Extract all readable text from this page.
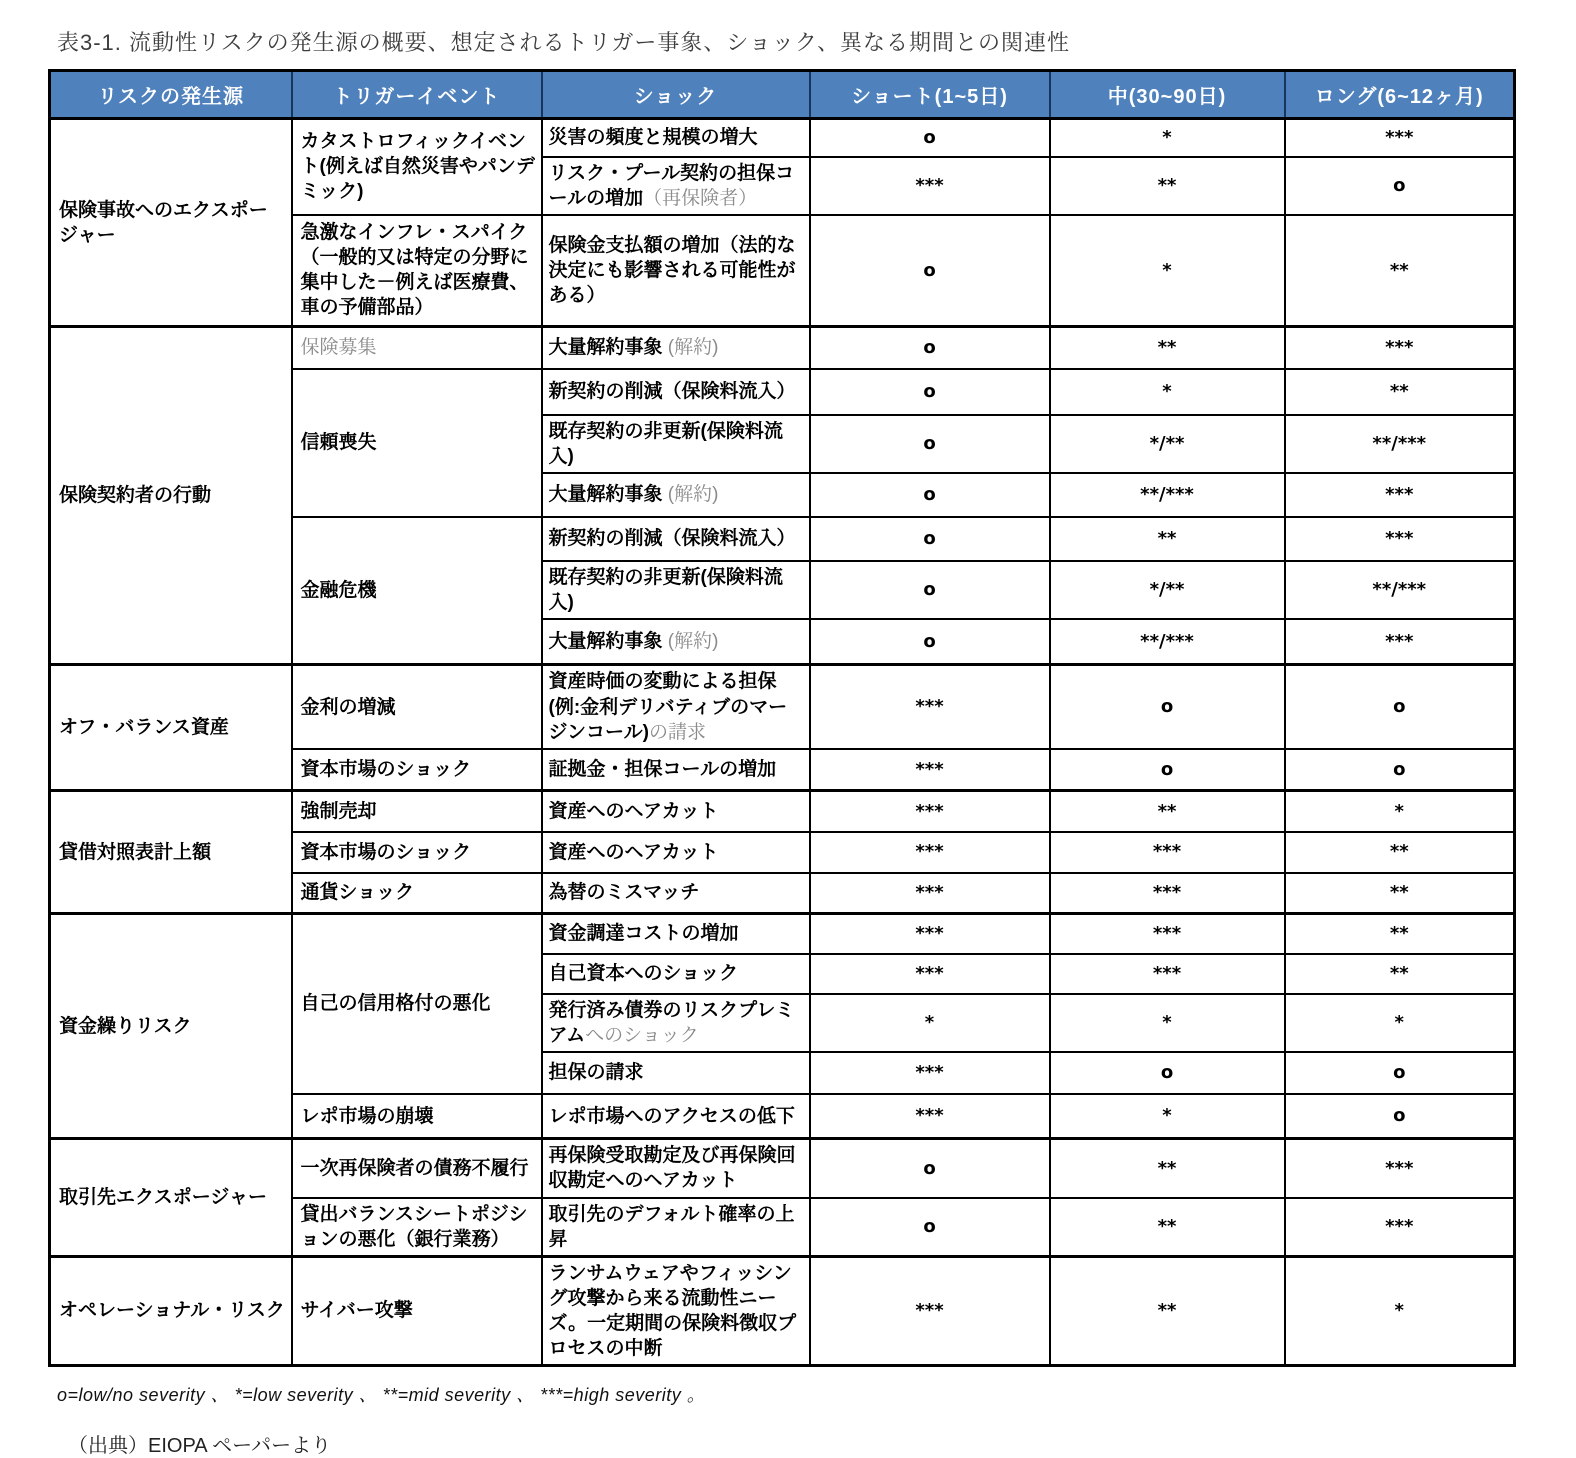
表3-1. 流動性リスクの発生源の概要、想定されるトリガー事象、ショック、異なる期間との関連性
リスクの発生源	トリガーイベント	ショック	ショート(1~5日)	中(30~90日)	ロング(6~12ヶ月)
保険事故へのエクスポージャー	カタストロフィックイベント(例えば自然災害やパンデミック)	災害の頻度と規模の増大	o	*	***
		リスク・プール契約の担保コールの増加（再保険者）	***	**	o
	急激なインフレ・スパイク（一般的又は特定の分野に集中した－例えば医療費、車の予備部品）	保険金支払額の増加（法的な決定にも影響される可能性がある）	o	*	**
保険契約者の行動	保険募集	大量解約事象 (解約)	o	**	***
	信頼喪失	新契約の削減（保険料流入）	o	*	**
		既存契約の非更新(保険料流入)	o	*/**	**/***
		大量解約事象 (解約)	o	**/***	***
	金融危機	新契約の削減（保険料流入）	o	**	***
		既存契約の非更新(保険料流入)	o	*/**	**/***
		大量解約事象 (解約)	o	**/***	***
オフ・バランス資産	金利の増減	資産時価の変動による担保(例:金利デリバティブのマージンコール)の請求	***	o	o
	資本市場のショック	証拠金・担保コールの増加	***	o	o
貸借対照表計上額	強制売却	資産へのヘアカット	***	**	*
	資本市場のショック	資産へのヘアカット	***	***	**
	通貨ショック	為替のミスマッチ	***	***	**
資金繰りリスク	自己の信用格付の悪化	資金調達コストの増加	***	***	**
		自己資本へのショック	***	***	**
		発行済み債券のリスクプレミアムへのショック	*	*	*
		担保の請求	***	o	o
	レポ市場の崩壊	レポ市場へのアクセスの低下	***	*	o
取引先エクスポージャー	一次再保険者の債務不履行	再保険受取勘定及び再保険回収勘定へのヘアカット	o	**	***
	貸出バランスシートポジションの悪化（銀行業務）	取引先のデフォルト確率の上昇	o	**	***
オペレーショナル・リスク	サイバー攻撃	ランサムウェアやフィッシング攻撃から来る流動性ニーズ。一定期間の保険料徴収プロセスの中断	***	**	*
o=low/no severity 、 *=low severity 、 **=mid severity 、 ***=high severity 。
（出典）EIOPA ペーパーより
